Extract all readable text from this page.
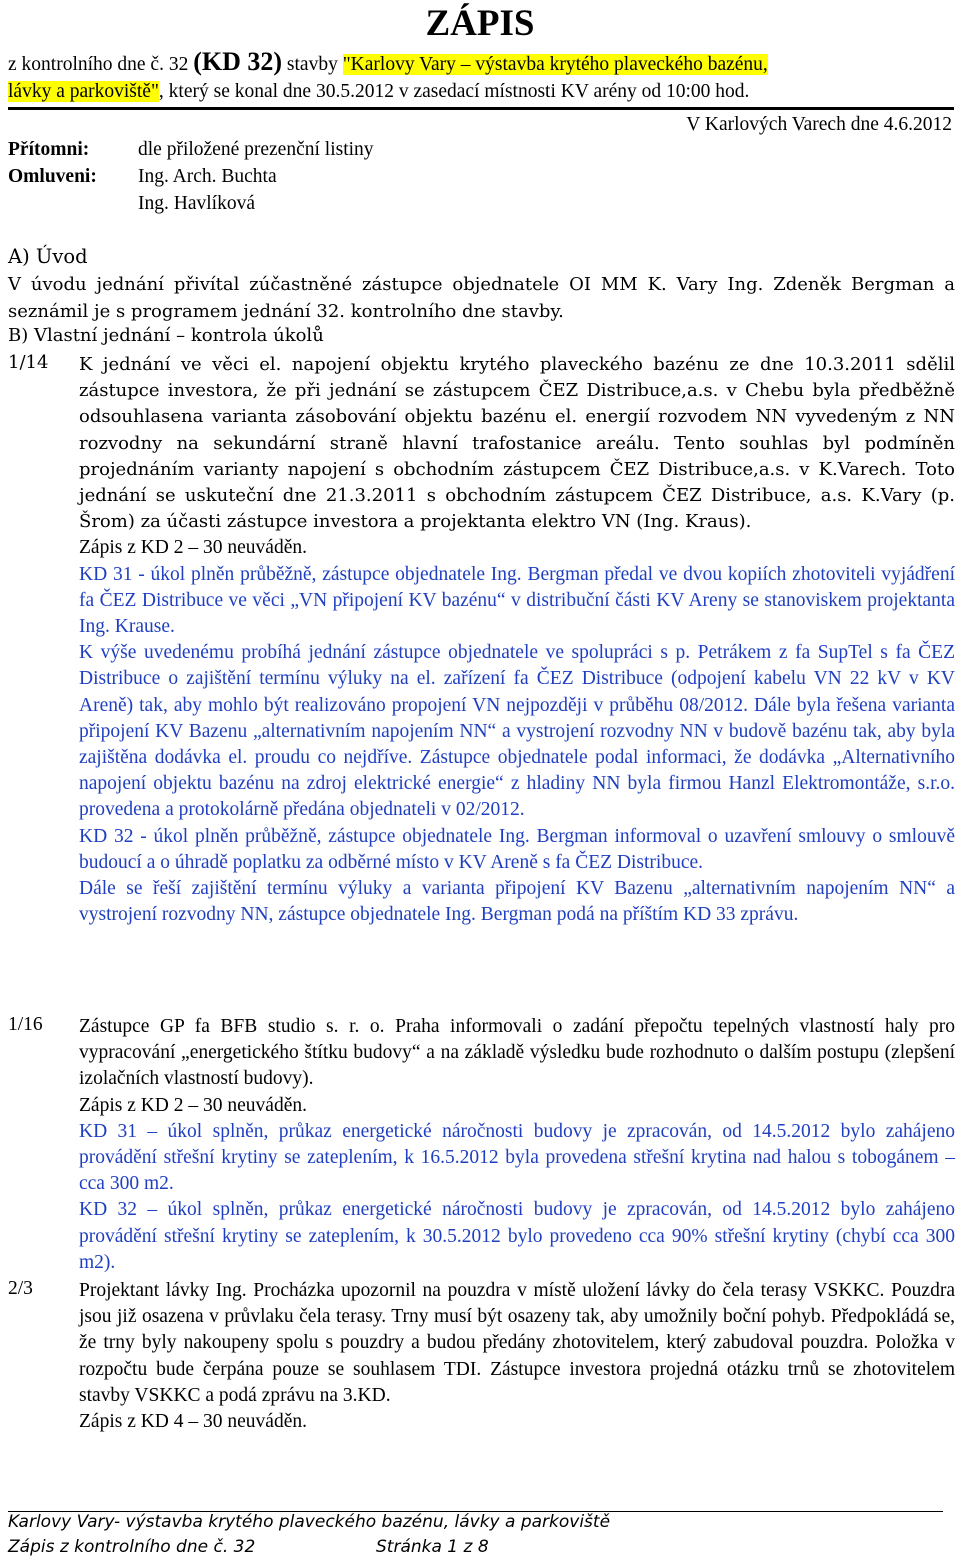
ZÁPIS
z kontrolního dne č. 32 (KD 32) stavby "Karlovy Vary – výstavba krytého plaveckého bazénu,
lávky a parkoviště", který se konal dne 30.5.2012 v zasedací místnosti KV arény od 10:00 hod.
V Karlových Varech dne 4.6.2012
Přítomni:	dle přiložené prezenční listiny
Omluveni: Ing. Arch. Buchta
Ing. Havlíková
A) Úvod
V úvodu jednání přivítal zúčastněné zástupce objednatele OI MM K. Vary Ing. Zdeněk Bergman a seznámil je s programem jednání 32. kontrolního dne stavby.
B) Vlastní jednání – kontrola úkolů
1/14 K jednání ve věci el. napojení objektu krytého plaveckého bazénu ze dne 10.3.2011 sdělil zástupce investora, že při jednání se zástupcem ČEZ Distribuce,a.s. v Chebu byla předběžně odsouhlasena varianta zásobování objektu bazénu el. energií rozvodem NN vyvedeným z NN rozvodny na sekundární straně hlavní trafostanice areálu. Tento souhlas byl podmíněn projednáním varianty napojení s obchodním zástupcem ČEZ Distribuce,a.s. v K.Varech. Toto jednání se uskuteční dne 21.3.2011 s obchodním zástupcem ČEZ Distribuce, a.s. K.Vary (p. Šrom) za účasti zástupce investora a projektanta elektro VN (Ing. Kraus).

Zápis z KD 2 – 30 neuváděn.

KD 31 - úkol plněn průběžně, zástupce objednatele Ing. Bergman předal ve dvou kopiích zhotoviteli vyjádření fa ČEZ Distribuce ve věci „VN připojení KV bazénu“ v distribuční části KV Areny se stanoviskem projektanta Ing. Krause.

K výše uvedenému probíhá jednání zástupce objednatele ve spolupráci s p. Petrákem z fa SupTel s fa ČEZ Distribuce o zajištění termínu výluky na el. zařízení fa ČEZ Distribuce (odpojení kabelu VN 22 kV v KV Areně) tak, aby mohlo být realizováno propojení VN nejpozději v průběhu 08/2012. Dále byla řešena varianta připojení KV Bazenu „alternativním napojením NN“ a vystrojení rozvodny NN v budově bazénu tak, aby byla zajištěna dodávka el. proudu co nejdříve. Zástupce objednatele podal informaci, že dodávka „Alternativního napojení objektu bazénu na zdroj elektrické energie“ z hladiny NN byla firmou Hanzl Elektromontáže, s.r.o. provedena a protokolárně předána objednateli v 02/2012.

KD 32 - úkol plněn průběžně, zástupce objednatele Ing. Bergman informoval o uzavření smlouvy o smlouvě budoucí a o úhradě poplatku za odběrné místo v KV Areně s fa ČEZ Distribuce.

Dále se řeší zajištění termínu výluky a varianta připojení KV Bazenu „alternativním napojením NN“ a vystrojení rozvodny NN, zástupce objednatele Ing. Bergman podá na příštím KD 33 zprávu.

1/16 Zástupce GP fa BFB studio s. r. o. Praha informovali o zadání přepočtu tepelných vlastností haly pro vypracování „energetického štítku budovy“ a na základě výsledku bude rozhodnuto o dalším postupu (zlepšení izolačních vlastností budovy).

Zápis z KD 2 – 30 neuváděn.

KD 31 – úkol splněn, průkaz energetické náročnosti budovy je zpracován, od 14.5.2012 bylo zahájeno provádění střešní krytiny se zateplením, k 16.5.2012 byla provedena střešní krytina nad halou s tobogánem – cca 300 m2.

KD 32 – úkol splněn, průkaz energetické náročnosti budovy je zpracován, od 14.5.2012 bylo zahájeno provádění střešní krytiny se zateplením, k 30.5.2012 bylo provedeno cca 90% střešní krytiny (chybí cca 300 m2).

2/3 Projektant lávky Ing. Procházka upozornil na pouzdra v místě uložení lávky do čela terasy VSKKC. Pouzdra jsou již osazena v průvlaku čela terasy. Trny musí být osazeny tak, aby umožnily boční pohyb. Předpokládá se, že trny byly nakoupeny spolu s pouzdry a budou předány zhotovitelem, který zabudoval pouzdra. Položka v rozpočtu bude čerpána pouze se souhlasem TDI. Zástupce investora projedná otázku trnů se zhotovitelem stavby VSKKC a podá zprávu na 3.KD.

Zápis z KD 4 – 30 neuváděn.

Karlovy Vary- výstavba krytého plaveckého bazénu, lávky a parkoviště
Zápis z kontrolního dne č. 32	Stránka 1 z 8
